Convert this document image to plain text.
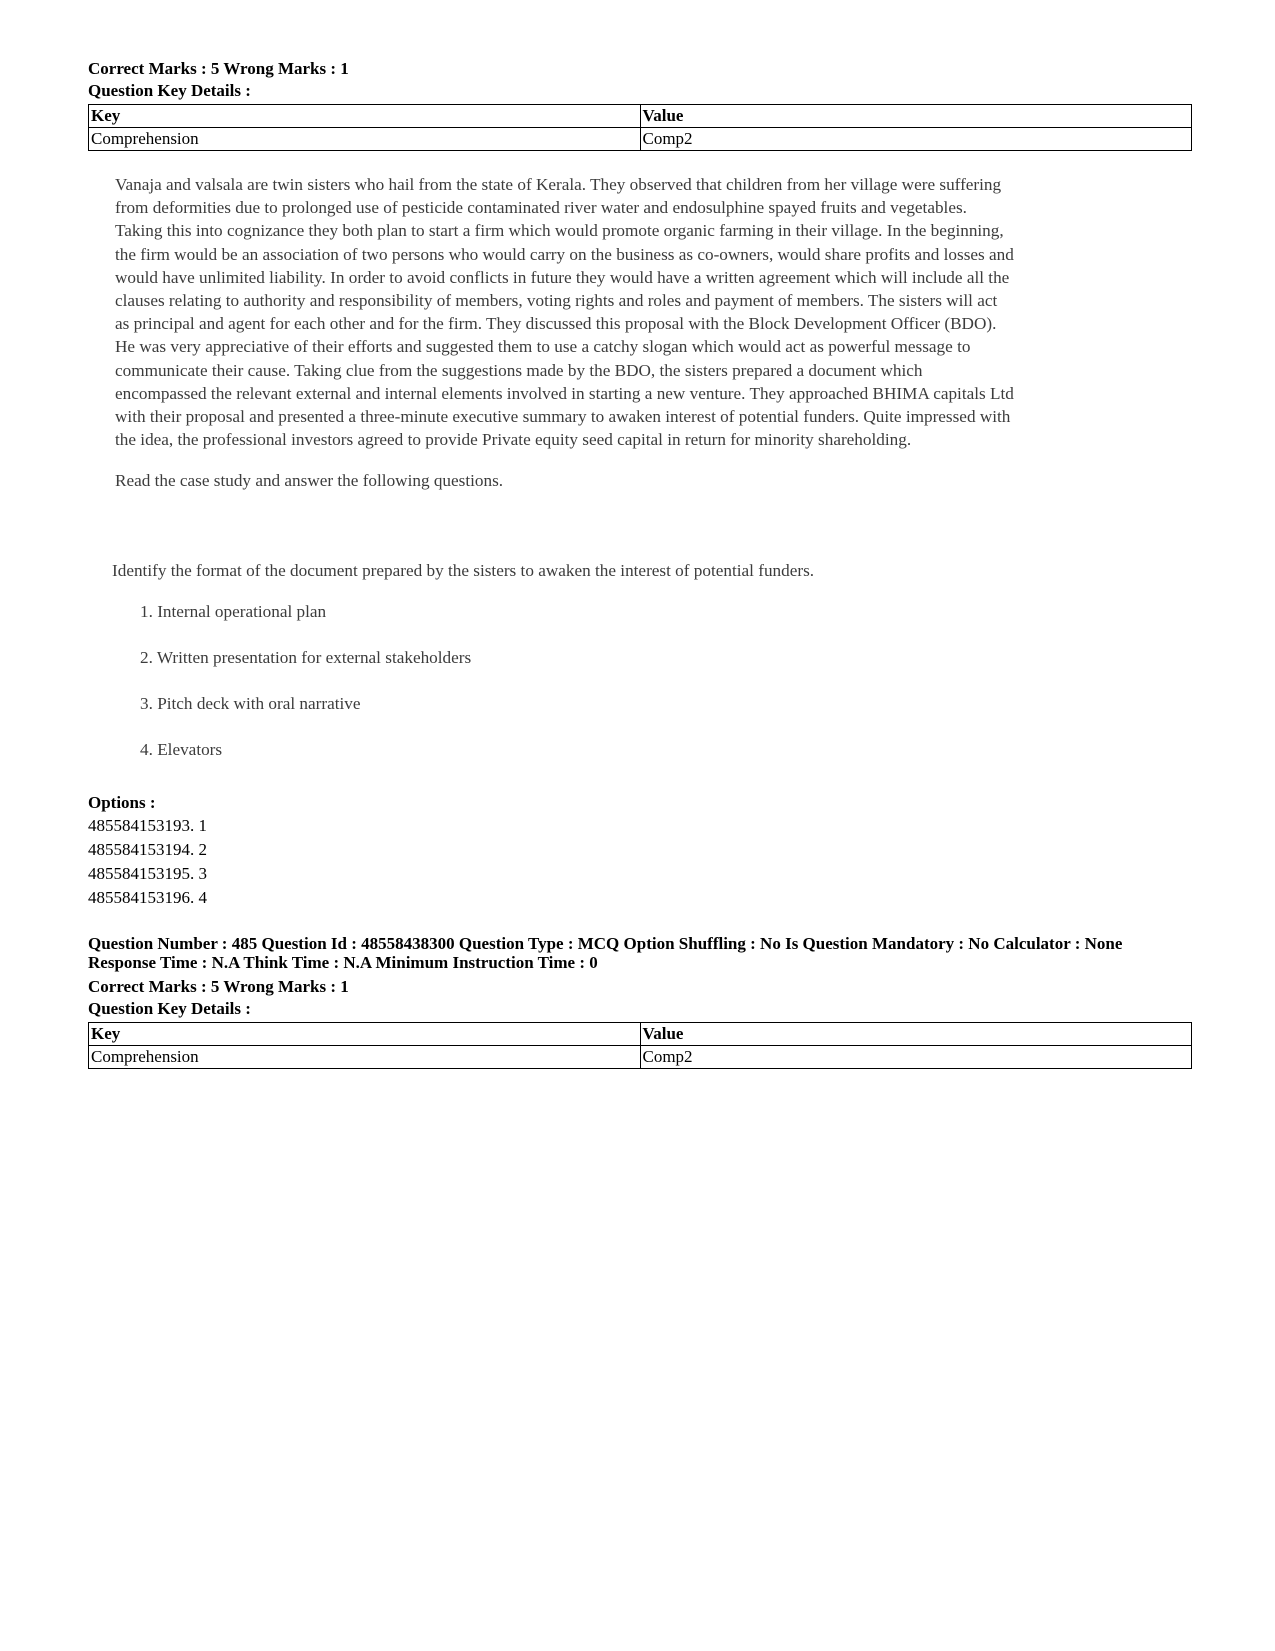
Correct Marks : 5 Wrong Marks : 1

Question Key Details :

Key	Value
Comprehension	Comp2

Vanaja and valsala are twin sisters who hail from the state of Kerala. They observed that children from her village were suffering from deformities due to prolonged use of pesticide contaminated river water and endosulphine spayed fruits and vegetables. Taking this into cognizance they both plan to start a firm which would promote organic farming in their village. In the beginning, the firm would be an association of two persons who would carry on the business as co-owners, would share profits and losses and would have unlimited liability. In order to avoid conflicts in future they would have a written agreement which will include all the clauses relating to authority and responsibility of members, voting rights and roles and payment of members. The sisters will act as principal and agent for each other and for the firm. They discussed this proposal with the Block Development Officer (BDO). He was very appreciative of their efforts and suggested them to use a catchy slogan which would act as powerful message to communicate their cause. Taking clue from the suggestions made by the BDO, the sisters prepared a document which encompassed the relevant external and internal elements involved in starting a new venture. They approached BHIMA capitals Ltd with their proposal and presented a three-minute executive summary to awaken interest of potential funders. Quite impressed with the idea, the professional investors agreed to provide Private equity seed capital in return for minority shareholding.

Read the case study and answer the following questions.

Identify the format of the document prepared by the sisters to awaken the interest of potential funders.

1. Internal operational plan
2. Written presentation for external stakeholders
3. Pitch deck with oral narrative
4. Elevators

Options :

485584153193. 1
485584153194. 2
485584153195. 3
485584153196. 4

Question Number : 485 Question Id : 48558438300 Question Type : MCQ Option Shuffling : No Is Question Mandatory : No Calculator : None

Response Time : N.A Think Time : N.A Minimum Instruction Time : 0

Correct Marks : 5 Wrong Marks : 1

Question Key Details :

Key	Value
Comprehension	Comp2
